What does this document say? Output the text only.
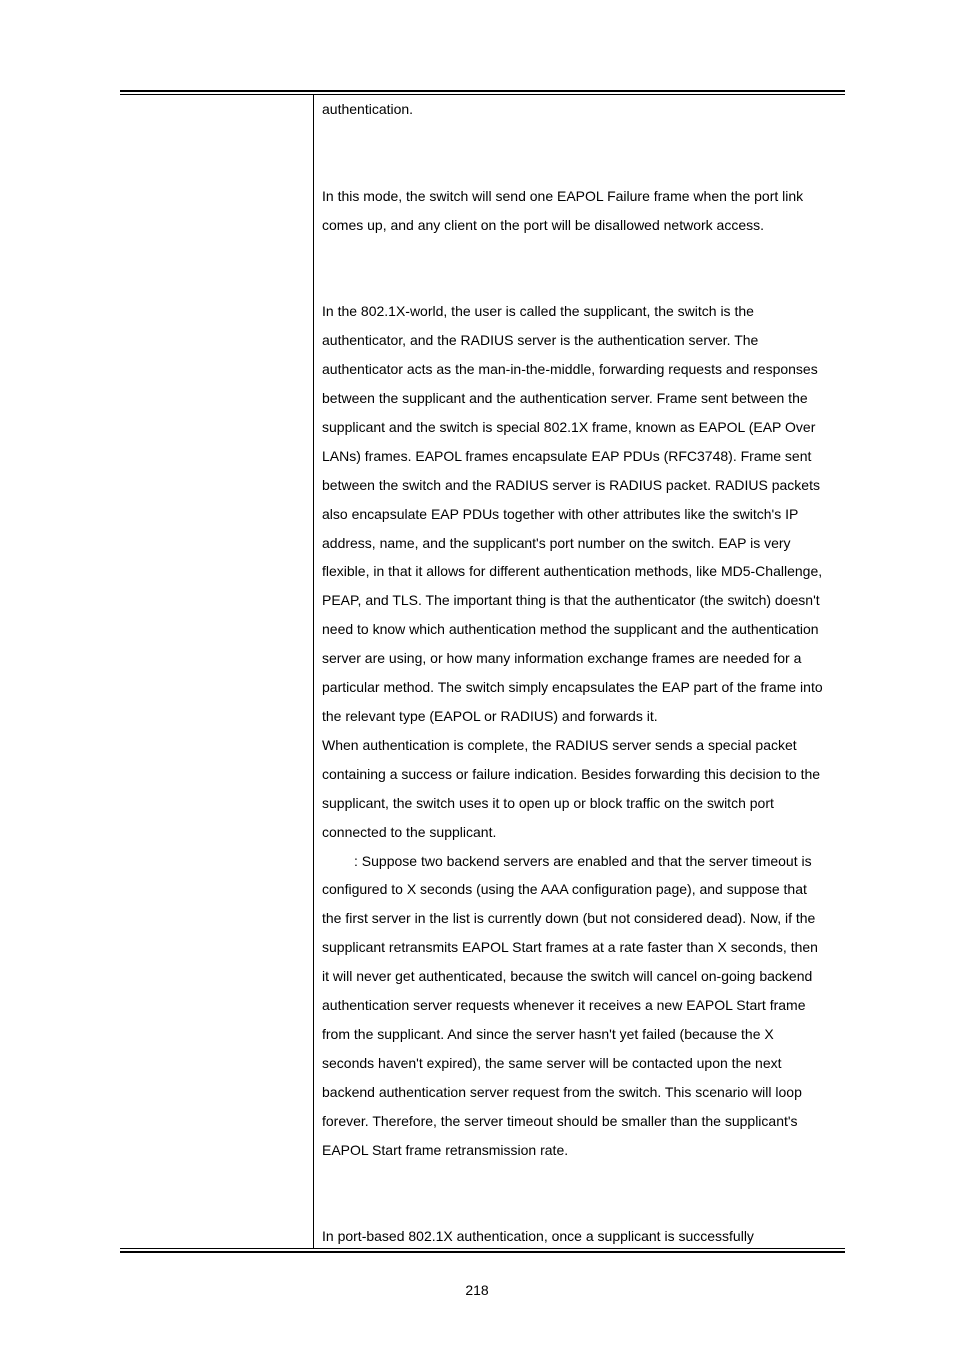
authentication.

In this mode, the switch will send one EAPOL Failure frame when the port link
comes up, and any client on the port will be disallowed network access.

In the 802.1X-world, the user is called the supplicant, the switch is the
authenticator, and the RADIUS server is the authentication server. The
authenticator acts as the man-in-the-middle, forwarding requests and responses
between the supplicant and the authentication server. Frame sent between the
supplicant and the switch is special 802.1X frame, known as EAPOL (EAP Over
LANs) frames. EAPOL frames encapsulate EAP PDUs (RFC3748). Frame sent
between the switch and the RADIUS server is RADIUS packet. RADIUS packets
also encapsulate EAP PDUs together with other attributes like the switch's IP
address, name, and the supplicant's port number on the switch. EAP is very
flexible, in that it allows for different authentication methods, like MD5-Challenge,
PEAP, and TLS. The important thing is that the authenticator (the switch) doesn't
need to know which authentication method the supplicant and the authentication
server are using, or how many information exchange frames are needed for a
particular method. The switch simply encapsulates the EAP part of the frame into
the relevant type (EAPOL or RADIUS) and forwards it.

When authentication is complete, the RADIUS server sends a special packet
containing a success or failure indication. Besides forwarding this decision to the
supplicant, the switch uses it to open up or block traffic on the switch port
connected to the supplicant.

: Suppose two backend servers are enabled and that the server timeout is
configured to X seconds (using the AAA configuration page), and suppose that
the first server in the list is currently down (but not considered dead). Now, if the
supplicant retransmits EAPOL Start frames at a rate faster than X seconds, then
it will never get authenticated, because the switch will cancel on-going backend
authentication server requests whenever it receives a new EAPOL Start frame
from the supplicant. And since the server hasn't yet failed (because the X
seconds haven't expired), the same server will be contacted upon the next
backend authentication server request from the switch. This scenario will loop
forever. Therefore, the server timeout should be smaller than the supplicant's
EAPOL Start frame retransmission rate.

In port-based 802.1X authentication, once a supplicant is successfully

218
